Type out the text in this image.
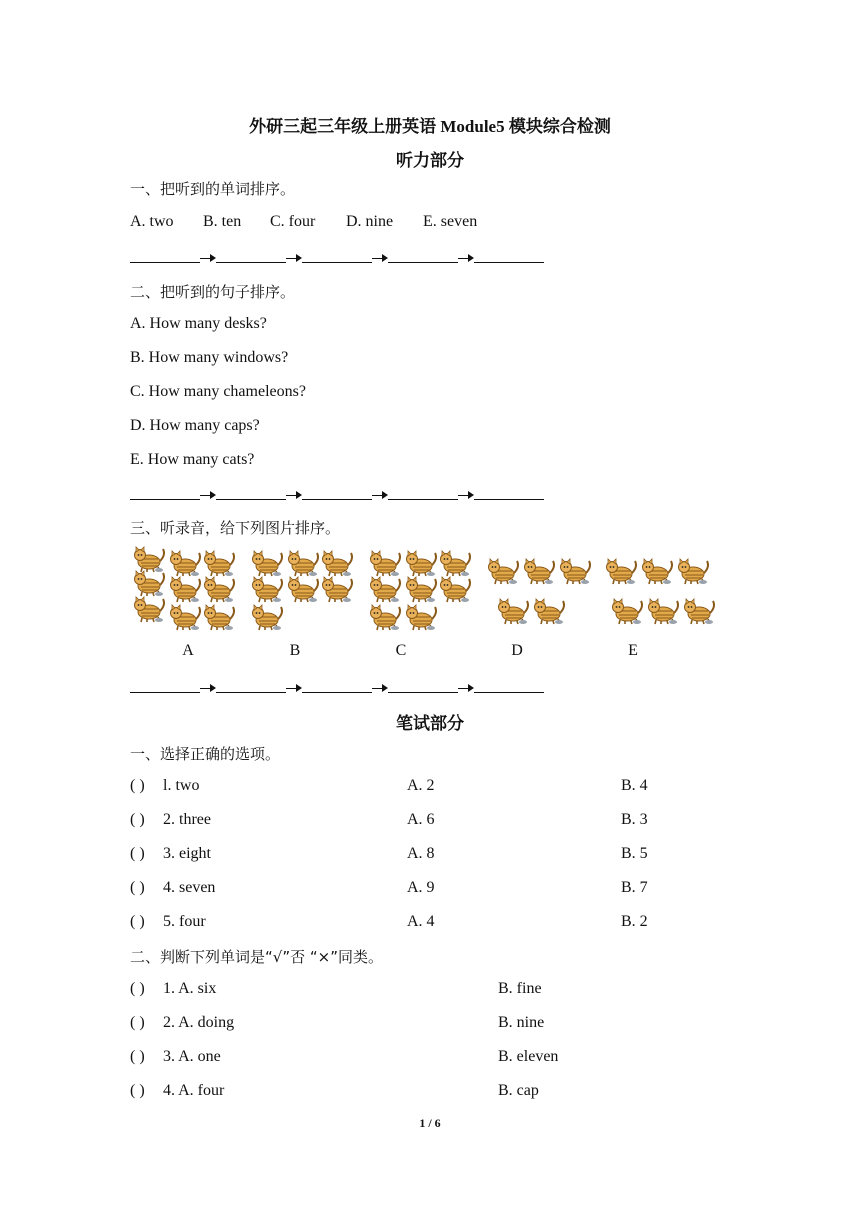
外研三起三年级上册英语 Module5 模块综合检测
听力部分
一、把听到的单词排序。
A. two B. ten C. four D. nine E. seven
二、把听到的句子排序。
A. How many desks?
B. How many windows?
C. How many chameleons?
D. How many caps?
E. How many cats?
三、听录音，给下列图片排序。
A	B	C	D	E
笔试部分
一、选择正确的选项。
( ) l. two	A. 2	B. 4
( ) 2. three	A. 6	B. 3
( ) 3. eight	A. 8	B. 5
( ) 4. seven	A. 9	B. 7
( ) 5. four	A. 4	B. 2
二、判断下列单词是“√”否 “×”同类。
( ) 1. A. six	B. fine
( ) 2. A. doing	B. nine
( ) 3. A. one	B. eleven
( ) 4. A. four	B. cap
1 / 6
